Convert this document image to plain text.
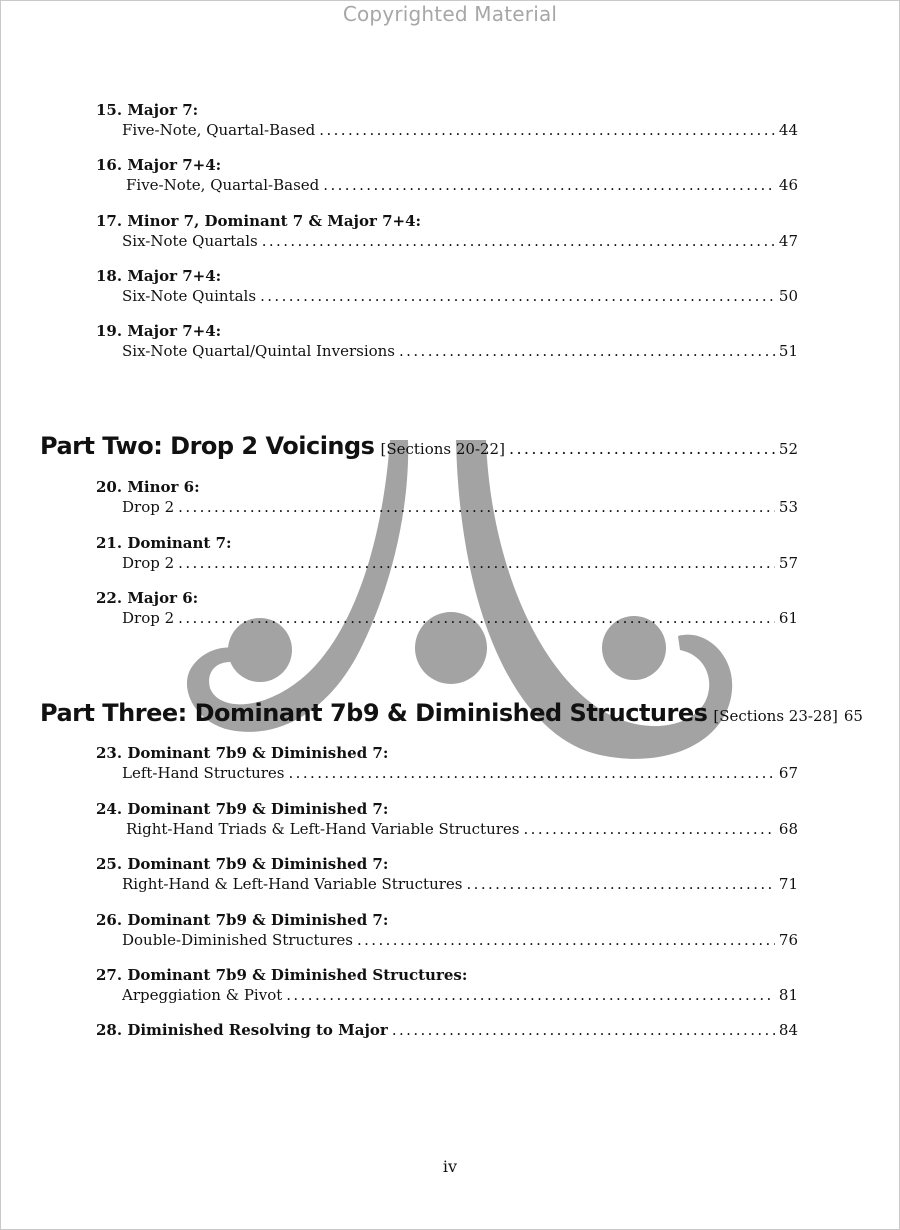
Copyrighted Material
15. Major 7:
Five-Note, Quartal-Based .....	44
16. Major 7+4:
Five-Note, Quartal-Based .....	46
17. Minor 7, Dominant 7 & Major 7+4:
Six-Note Quartals .....	47
18. Major 7+4:
Six-Note Quintals .....	50
19. Major 7+4:
Six-Note Quartal/Quintal Inversions .....	51
Part Two: Drop 2 Voicings [Sections 20-22] .....	52
20. Minor 6:
Drop 2 .....	53
21. Dominant 7:
Drop 2 .....	57
22. Major 6:
Drop 2 .....	61
Part Three: Dominant 7b9 & Diminished Structures [Sections 23-28] 65
23. Dominant 7b9 & Diminished 7:
Left-Hand Structures .....	67
24. Dominant 7b9 & Diminished 7:
Right-Hand Triads & Left-Hand Variable Structures .....	68
25. Dominant 7b9 & Diminished 7:
Right-Hand & Left-Hand Variable Structures .....	71
26. Dominant 7b9 & Diminished 7:
Double-Diminished Structures .....	76
27. Dominant 7b9 & Diminished Structures:
Arpeggiation & Pivot .....	81
28. Diminished Resolving to Major .....	84
iv
